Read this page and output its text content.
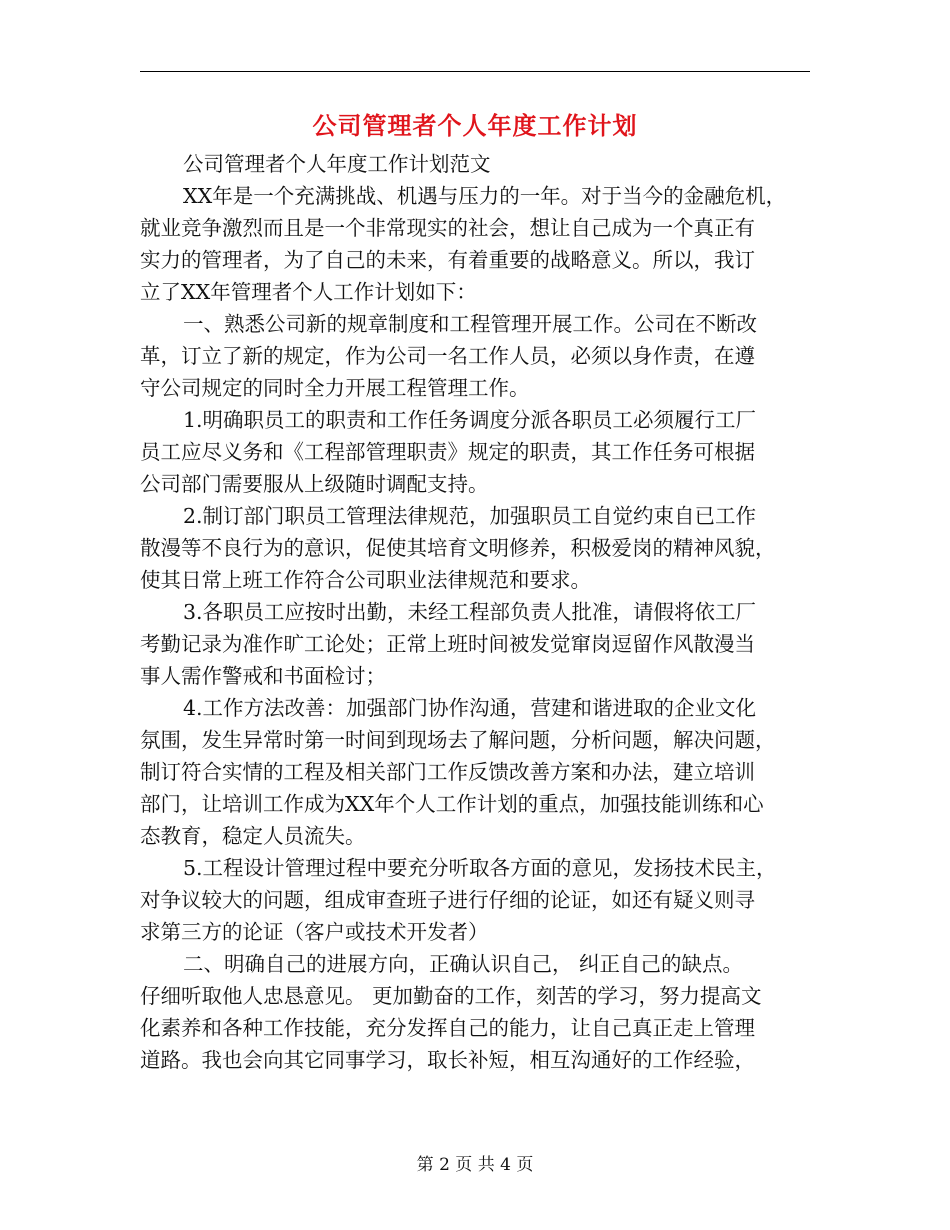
公司管理者个人年度工作计划
公司管理者个人年度工作计划范文
XX年是一个充满挑战、机遇与压力的一年。对于当今的金融危机，
就业竞争激烈而且是一个非常现实的社会，想让自己成为一个真正有
实力的管理者，为了自己的未来，有着重要的战略意义。所以，我订
立了XX年管理者个人工作计划如下：
一、熟悉公司新的规章制度和工程管理开展工作。公司在不断改
革，订立了新的规定，作为公司一名工作人员，必须以身作责，在遵
守公司规定的同时全力开展工程管理工作。
1.明确职员工的职责和工作任务调度分派各职员工必须履行工厂
员工应尽义务和《工程部管理职责》规定的职责，其工作任务可根据
公司部门需要服从上级随时调配支持。
2.制订部门职员工管理法律规范，加强职员工自觉约束自已工作
散漫等不良行为的意识，促使其培育文明修养，积极爱岗的精神风貌，
使其日常上班工作符合公司职业法律规范和要求。
3.各职员工应按时出勤，未经工程部负责人批准，请假将依工厂
考勤记录为准作旷工论处；正常上班时间被发觉窜岗逗留作风散漫当
事人需作警戒和书面检讨；
4.工作方法改善：加强部门协作沟通，营建和谐进取的企业文化
氛围，发生异常时第一时间到现场去了解问题，分析问题，解决问题，
制订符合实情的工程及相关部门工作反馈改善方案和办法，建立培训
部门，让培训工作成为XX年个人工作计划的重点，加强技能训练和心
态教育，稳定人员流失。
5.工程设计管理过程中要充分听取各方面的意见，发扬技术民主，
对争议较大的问题，组成审查班子进行仔细的论证，如还有疑义则寻
求第三方的论证（客户或技术开发者）
二、明确自己的进展方向，正确认识自己， 纠正自己的缺点。
仔细听取他人忠恳意见。 更加勤奋的工作，刻苦的学习，努力提高文
化素养和各种工作技能，充分发挥自己的能力，让自己真正走上管理
道路。我也会向其它同事学习，取长补短，相互沟通好的工作经验，
第 2 页 共 4 页
